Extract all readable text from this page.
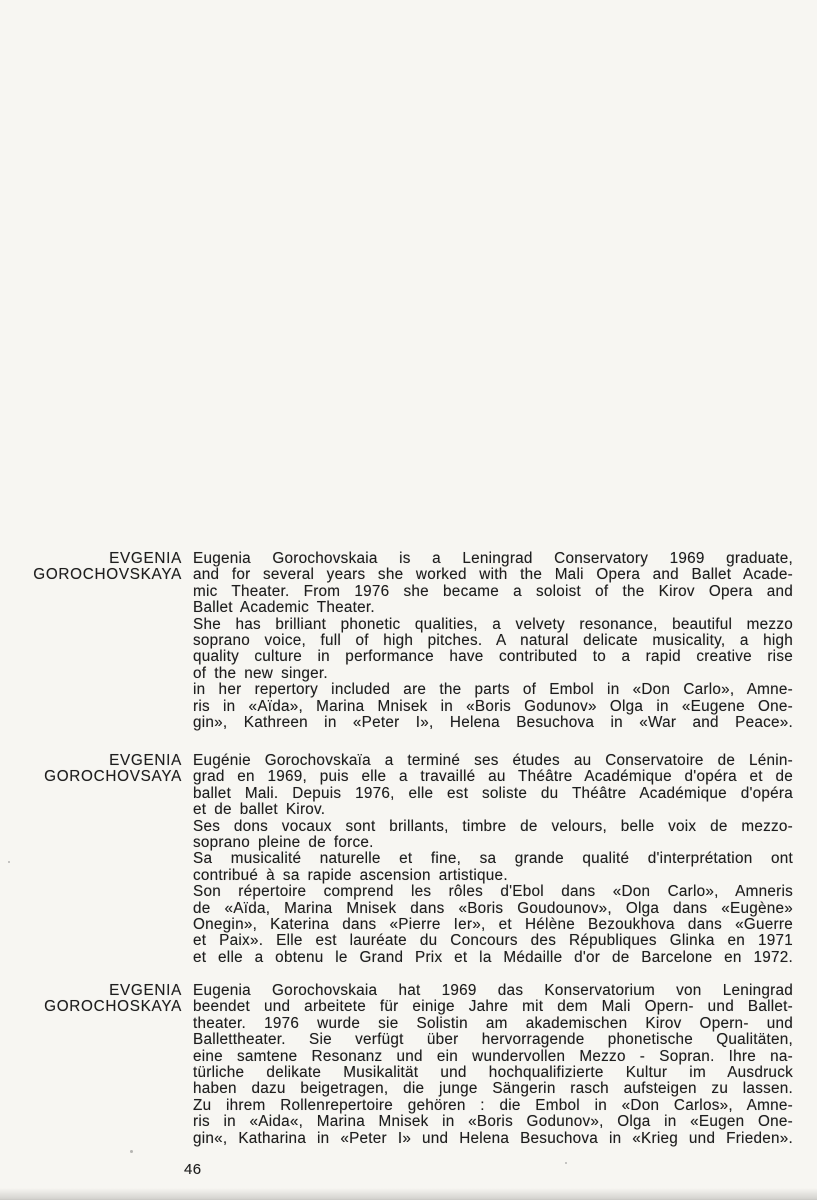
EVGENIA
GOROCHOVSKAYA
Eugenia Gorochovskaia is a Leningrad Conservatory 1969 graduate,
and for several years she worked with the Mali Opera and Ballet Acade-
mic Theater. From 1976 she became a soloist of the Kirov Opera and
Ballet Academic Theater.
She has brilliant phonetic qualities, a velvety resonance, beautiful mezzo
soprano voice, full of high pitches. A natural delicate musicality, a high
quality culture in performance have contributed to a rapid creative rise
of the new singer.
in her repertory included are the parts of Embol in «Don Carlo», Amne-
ris in «Aïda», Marina Mnisek in «Boris Godunov» Olga in «Eugene One-
gin», Kathreen in «Peter I», Helena Besuchova in «War and Peace».
EVGENIA
GOROCHOVSAYA
Eugénie Gorochovskaïa a terminé ses études au Conservatoire de Lénin-
grad en 1969, puis elle a travaillé au Théâtre Académique d'opéra et de
ballet Mali. Depuis 1976, elle est soliste du Théâtre Académique d'opéra
et de ballet Kirov.
Ses dons vocaux sont brillants, timbre de velours, belle voix de mezzo-
soprano pleine de force.
Sa musicalité naturelle et fine, sa grande qualité d'interprétation ont
contribué à sa rapide ascension artistique.
Son répertoire comprend les rôles d'Ebol dans «Don Carlo», Amneris
de «Aïda, Marina Mnisek dans «Boris Goudounov», Olga dans «Eugène»
Onegin», Katerina dans «Pierre Ier», et Hélène Bezoukhova dans «Guerre
et Paix». Elle est lauréate du Concours des Républiques Glinka en 1971
et elle a obtenu le Grand Prix et la Médaille d'or de Barcelone en 1972.
EVGENIA
GOROCHOSKAYA
Eugenia Gorochovskaia hat 1969 das Konservatorium von Leningrad
beendet und arbeitete für einige Jahre mit dem Mali Opern- und Ballet-
theater. 1976 wurde sie Solistin am akademischen Kirov Opern- und
Ballettheater. Sie verfügt über hervorragende phonetische Qualitäten,
eine samtene Resonanz und ein wundervollen Mezzo - Sopran. Ihre na-
türliche delikate Musikalität und hochqualifizierte Kultur im Ausdruck
haben dazu beigetragen, die junge Sängerin rasch aufsteigen zu lassen.
Zu ihrem Rollenrepertoire gehören : die Embol in «Don Carlos», Amne-
ris in «Aida«, Marina Mnisek in «Boris Godunov», Olga in «Eugen One-
gin«, Katharina in «Peter I» und Helena Besuchova in «Krieg und Frieden».
46
